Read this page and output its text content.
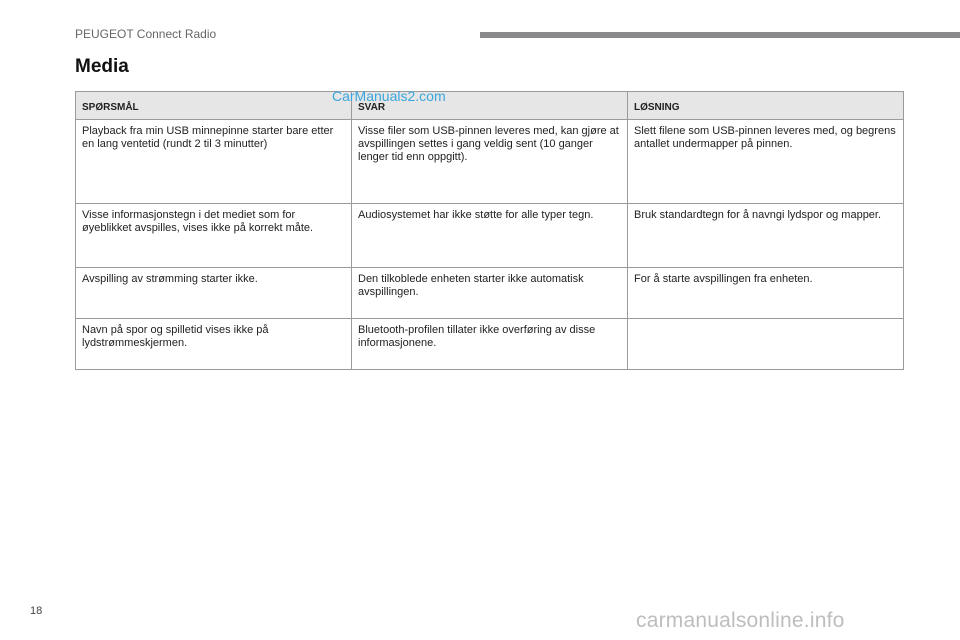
PEUGEOT Connect Radio
Media
SPØRSMÅL	SVAR	LØSNING
Playback fra min USB minnepinne starter bare etter en lang ventetid (rundt 2 til 3 minutter)	Visse filer som USB-pinnen leveres med, kan gjøre at avspillingen settes i gang veldig sent (10 ganger lenger tid enn oppgitt).	Slett filene som USB-pinnen leveres med, og begrens antallet undermapper på pinnen.
Visse informasjonstegn i det mediet som for øyeblikket avspilles, vises ikke på korrekt måte.	Audiosystemet har ikke støtte for alle typer tegn.	Bruk standardtegn for å navngi lydspor og mapper.
Avspilling av strømming starter ikke.	Den tilkoblede enheten starter ikke automatisk avspillingen.	For å starte avspillingen fra enheten.
Navn på spor og spilletid vises ikke på lydstrømmeskjermen.	Bluetooth-profilen tillater ikke overføring av disse informasjonene.	
CarManuals2.com
18	carmanualsonline.info
